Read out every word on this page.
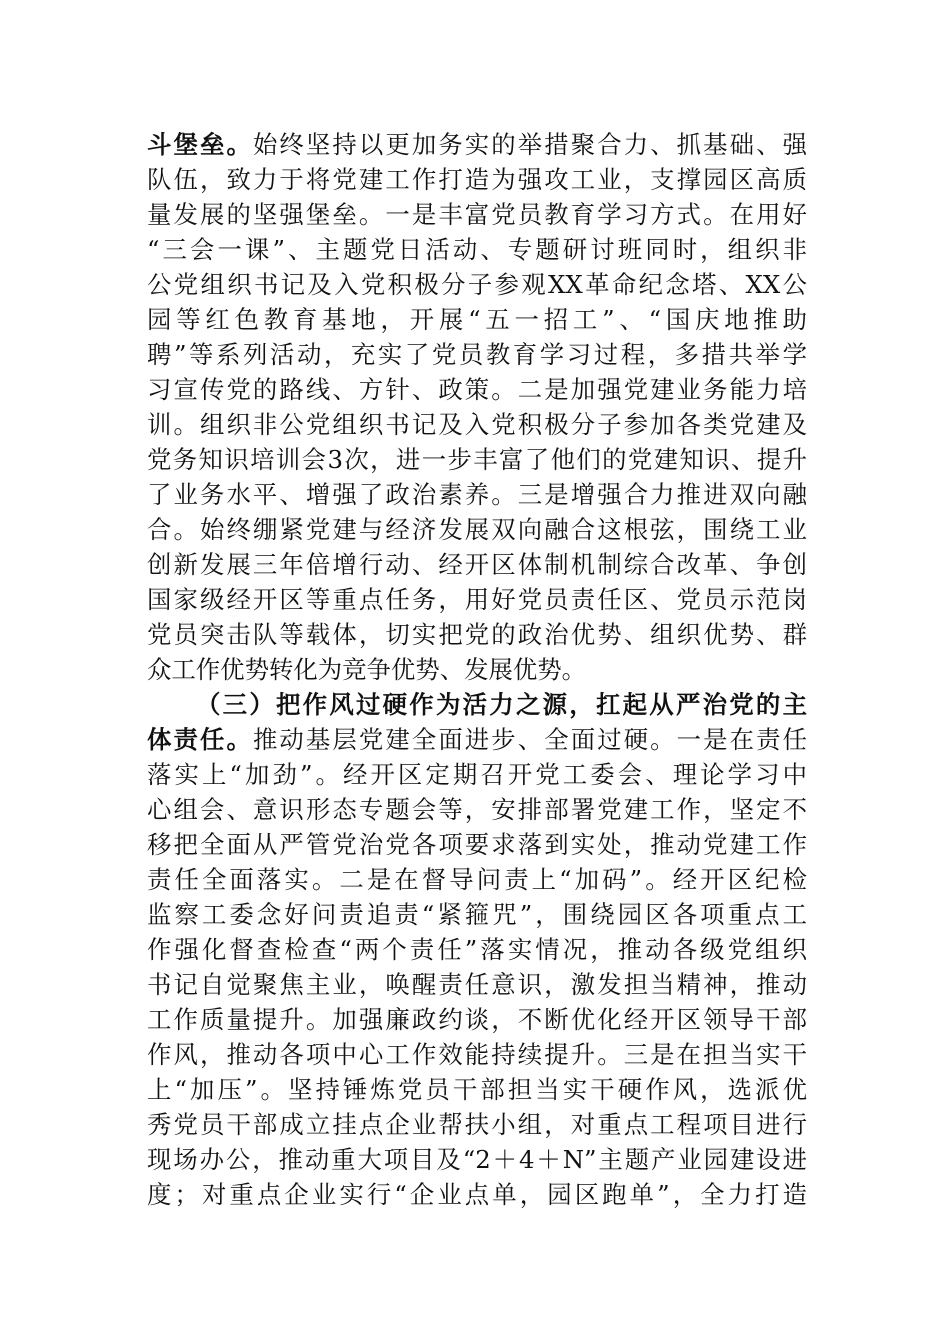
斗堡垒。始终坚持以更加务实的举措聚合力、抓基础、强
队伍，致力于将党建工作打造为强攻工业，支撑园区高质
量发展的坚强堡垒。一是丰富党员教育学习方式。在用好
“三会一课”、主题党日活动、专题研讨班同时，组织非
公党组织书记及入党积极分子参观XX革命纪念塔、XX公
园等红色教育基地，开展“五一招工”、“国庆地推助
聘”等系列活动，充实了党员教育学习过程，多措共举学
习宣传党的路线、方针、政策。二是加强党建业务能力培
训。组织非公党组织书记及入党积极分子参加各类党建及
党务知识培训会3次，进一步丰富了他们的党建知识、提升
了业务水平、增强了政治素养。三是增强合力推进双向融
合。始终绷紧党建与经济发展双向融合这根弦，围绕工业
创新发展三年倍增行动、经开区体制机制综合改革、争创
国家级经开区等重点任务，用好党员责任区、党员示范岗
党员突击队等载体，切实把党的政治优势、组织优势、群
众工作优势转化为竞争优势、发展优势。
（三）把作风过硬作为活力之源，扛起从严治党的主
体责任。推动基层党建全面进步、全面过硬。一是在责任
落实上“加劲”。经开区定期召开党工委会、理论学习中
心组会、意识形态专题会等，安排部署党建工作，坚定不
移把全面从严管党治党各项要求落到实处，推动党建工作
责任全面落实。二是在督导问责上“加码”。经开区纪检
监察工委念好问责追责“紧箍咒”，围绕园区各项重点工
作强化督查检查“两个责任”落实情况，推动各级党组织
书记自觉聚焦主业，唤醒责任意识，激发担当精神，推动
工作质量提升。加强廉政约谈，不断优化经开区领导干部
作风，推动各项中心工作效能持续提升。三是在担当实干
上“加压”。坚持锤炼党员干部担当实干硬作风，选派优
秀党员干部成立挂点企业帮扶小组，对重点工程项目进行
现场办公，推动重大项目及“2＋4＋N”主题产业园建设进
度；对重点企业实行“企业点单，园区跑单”，全力打造
